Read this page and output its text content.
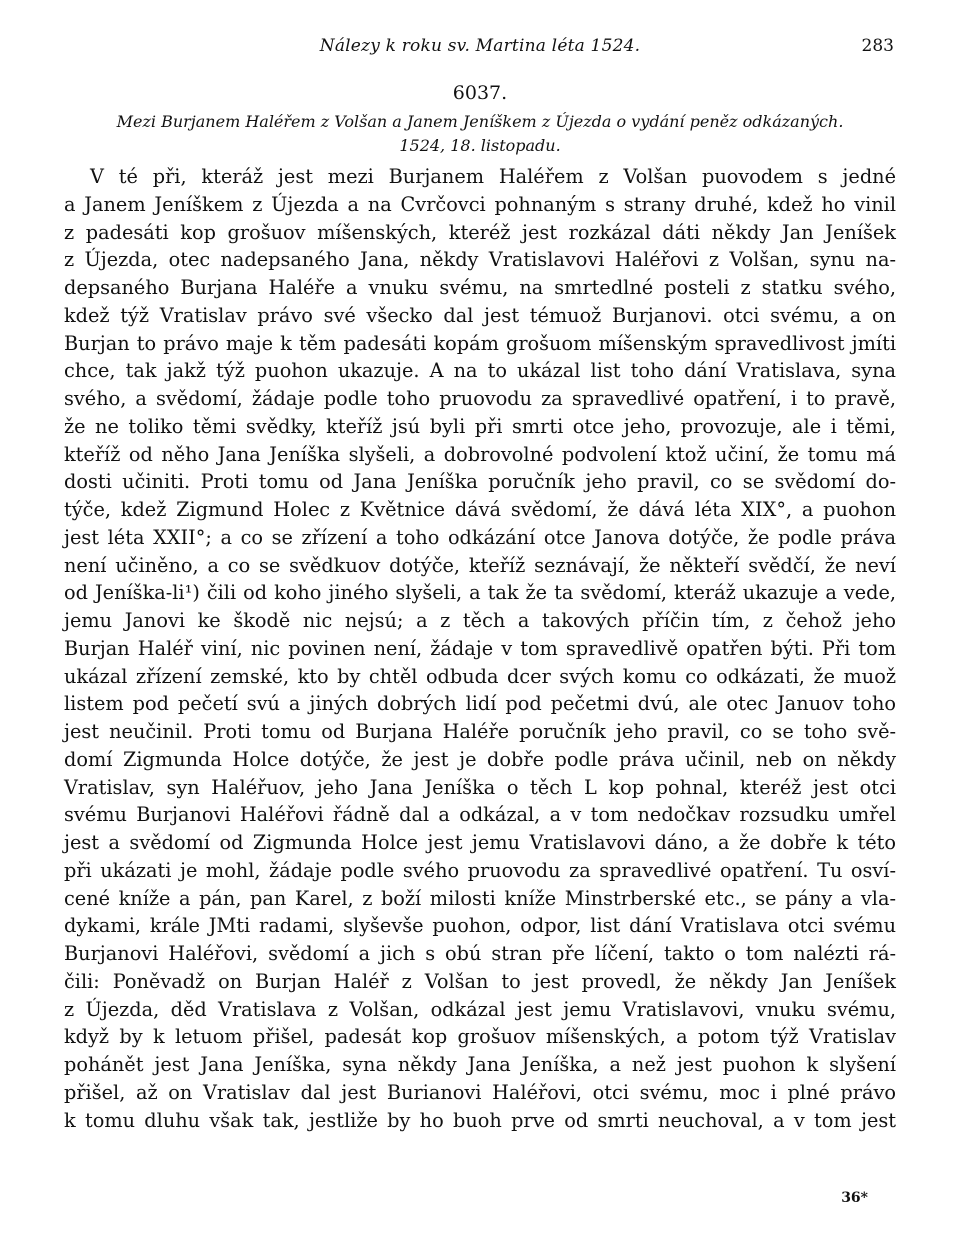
Nálezy k roku sv. Martina léta 1524.	283
6037.
Mezi Burjanem Haléřem z Volšan a Janem Jeníškem z Újezda o vydání peněz odkázaných.
1524, 18. listopadu.
V té při, kteráž jest mezi Burjanem Haléřem z Volšan puovodem s jedné
a Janem Jeníškem z Újezda a na Cvrčovci pohnaným s strany druhé, kdež ho vinil
z padesáti kop grošuov míšenských, kteréž jest rozkázal dáti někdy Jan Jeníšek
z Újezda, otec nadepsaného Jana, někdy Vratislavovi Haléřovi z Volšan, synu na-
depsaného Burjana Haléře a vnuku svému, na smrtedlné posteli z statku svého,
kdež týž Vratislav právo své všecko dal jest témuož Burjanovi. otci svému, a on
Burjan to právo maje k těm padesáti kopám grošuom míšenským spravedlivost jmíti
chce, tak jakž týž puohon ukazuje. A na to ukázal list toho dání Vratislava, syna
svého, a svědomí, žádaje podle toho pruovodu za spravedlivé opatření, i to pravě,
že ne toliko těmi svědky, kteříž jsú byli při smrti otce jeho, provozuje, ale i těmi,
kteříž od něho Jana Jeníška slyšeli, a dobrovolné podvolení ktož učiní, že tomu má
dosti učiniti. Proti tomu od Jana Jeníška poručník jeho pravil, co se svědomí do-
týče, kdež Zigmund Holec z Květnice dává svědomí, že dává léta XIX°, a puohon
jest léta XXII°; a co se zřízení a toho odkázání otce Janova dotýče, že podle práva
není učiněno, a co se svědkuov dotýče, kteříž seznávají, že někteří svědčí, že neví
od Jeníška-li¹) čili od koho jiného slyšeli, a tak že ta svědomí, kteráž ukazuje a vede,
jemu Janovi ke škodě nic nejsú; a z těch a takových příčin tím, z čehož jeho
Burjan Haléř viní, nic povinen není, žádaje v tom spravedlivě opatřen býti. Při tom
ukázal zřízení zemské, kto by chtěl odbuda dcer svých komu co odkázati, že muož
listem pod pečetí svú a jiných dobrých lidí pod pečetmi dvú, ale otec Januov toho
jest neučinil. Proti tomu od Burjana Haléře poručník jeho pravil, co se toho svě-
domí Zigmunda Holce dotýče, že jest je dobře podle práva učinil, neb on někdy
Vratislav, syn Haléřuov, jeho Jana Jeníška o těch L kop pohnal, kteréž jest otci
svému Burjanovi Haléřovi řádně dal a odkázal, a v tom nedočkav rozsudku umřel
jest a svědomí od Zigmunda Holce jest jemu Vratislavovi dáno, a že dobře k této
při ukázati je mohl, žádaje podle svého pruovodu za spravedlivé opatření. Tu osví-
cené kníže a pán, pan Karel, z boží milosti kníže Minstrberské etc., se pány a vla-
dykami, krále JMti radami, slyševše puohon, odpor, list dání Vratislava otci svému
Burjanovi Haléřovi, svědomí a jich s obú stran pře líčení, takto o tom nalézti rá-
čili: Poněvadž on Burjan Haléř z Volšan to jest provedl, že někdy Jan Jeníšek
z Újezda, děd Vratislava z Volšan, odkázal jest jemu Vratislavovi, vnuku svému,
když by k letuom přišel, padesát kop grošuov míšenských, a potom týž Vratislav
pohánět jest Jana Jeníška, syna někdy Jana Jeníška, a než jest puohon k slyšení
přišel, až on Vratislav dal jest Burianovi Haléřovi, otci svému, moc i plné právo
k tomu dluhu však tak, jestliže by ho buoh prve od smrti neuchoval, a v tom jest
36*
